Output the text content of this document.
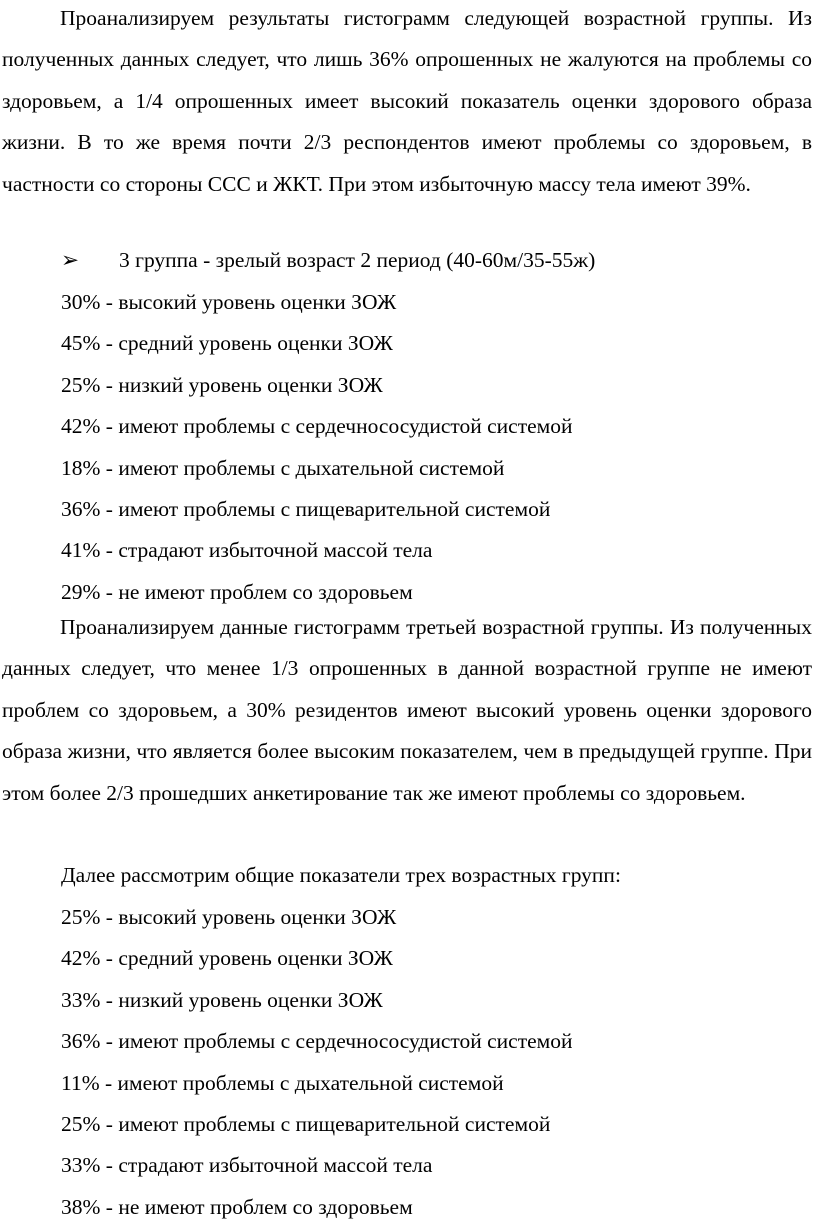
Проанализируем результаты гистограмм следующей возрастной группы. Из полученных данных следует, что лишь 36% опрошенных не жалуются на проблемы со здоровьем, а 1/4 опрошенных имеет высокий показатель оценки здорового образа жизни. В то же время почти 2/3 респондентов имеют проблемы со здоровьем, в частности со стороны ССС и ЖКТ. При этом избыточную массу тела имеют 39%.

➢ 3 группа - зрелый возраст 2 период (40-60м/35-55ж)
30% - высокий уровень оценки ЗОЖ
45% - средний уровень оценки ЗОЖ
25% - низкий уровень оценки ЗОЖ
42% - имеют проблемы с сердечнососудистой системой
18% - имеют проблемы с дыхательной системой
36% - имеют проблемы с пищеварительной системой
41% - страдают избыточной массой тела
29% - не имеют проблем со здоровьем

Проанализируем данные гистограмм третьей возрастной группы. Из полученных данных следует, что менее 1/3 опрошенных в данной возрастной группе не имеют проблем со здоровьем, а 30% резидентов имеют высокий уровень оценки здорового образа жизни, что является более высоким показателем, чем в предыдущей группе. При этом более 2/3 прошедших анкетирование так же имеют проблемы со здоровьем.

Далее рассмотрим общие показатели трех возрастных групп:
25% - высокий уровень оценки ЗОЖ
42% - средний уровень оценки ЗОЖ
33% - низкий уровень оценки ЗОЖ
36% - имеют проблемы с сердечнососудистой системой
11% - имеют проблемы с дыхательной системой
25% - имеют проблемы с пищеварительной системой
33% - страдают избыточной массой тела
38% - не имеют проблем со здоровьем
